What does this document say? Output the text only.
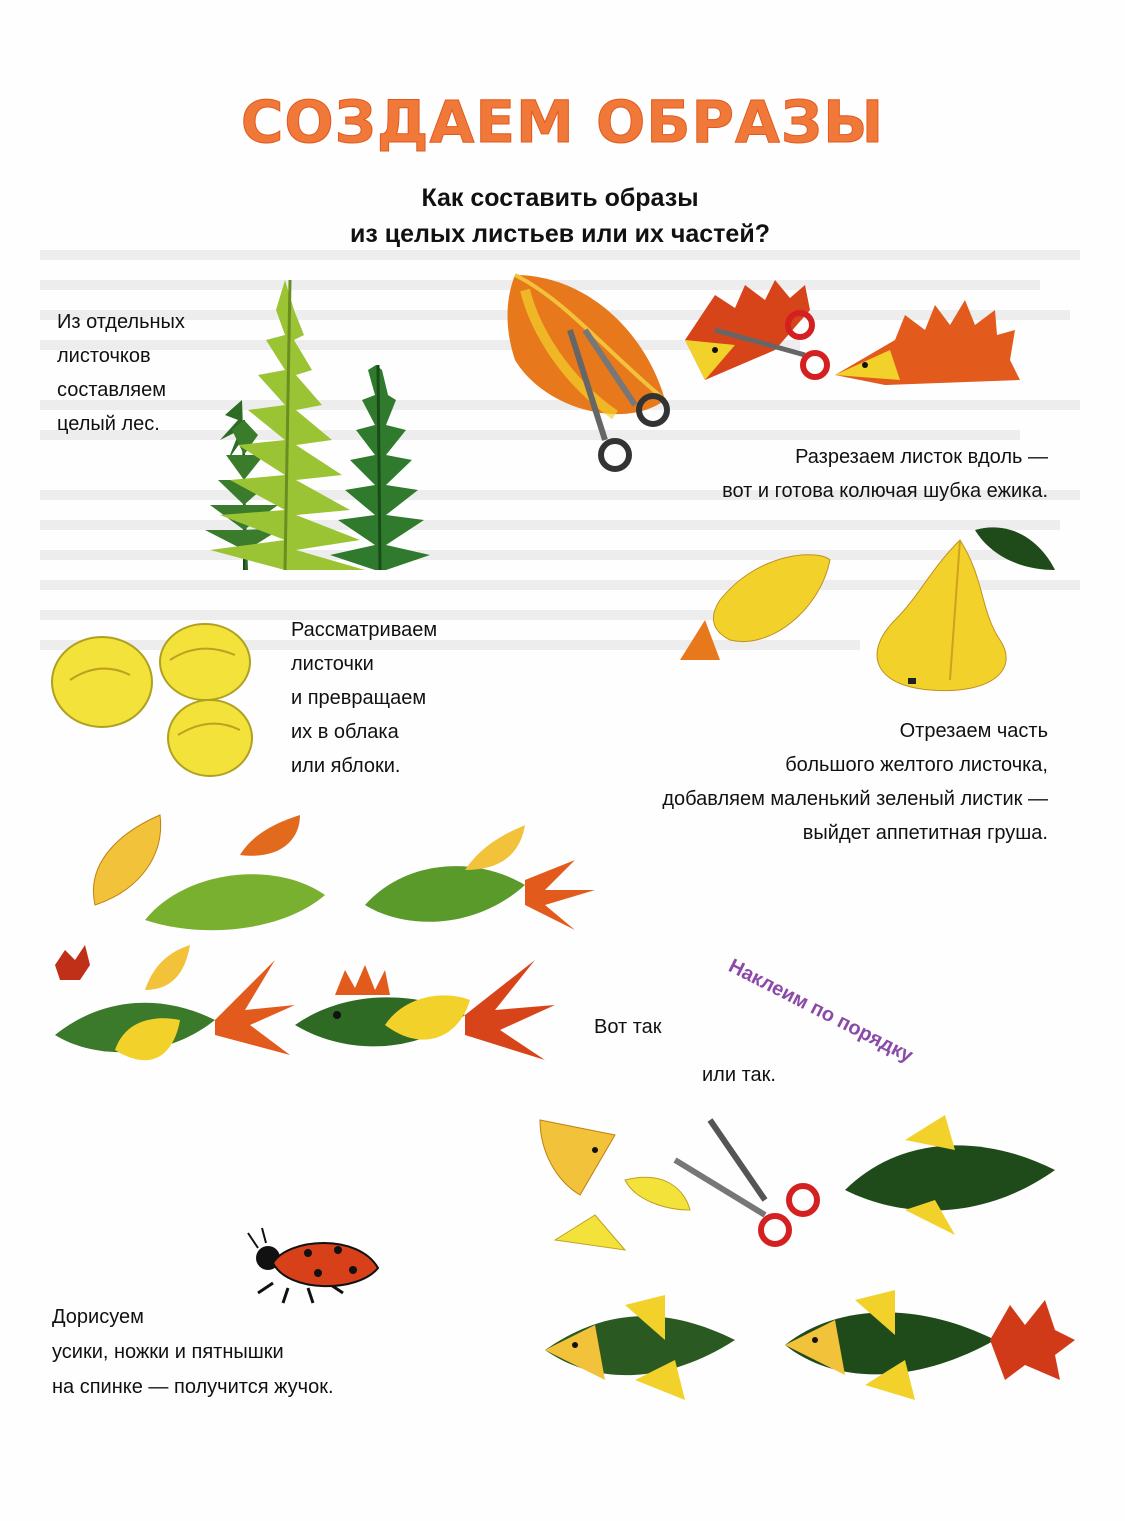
СОЗДАЕМ ОБРАЗЫ
Как составить образы
из целых листьев или их частей?
Из отдельных
листочков
составляем
целый лес.
Разрезаем листок вдоль —
вот и готова колючая шубка ежика.
Рассматриваем
листочки
и превращаем
их в облака
или яблоки.
Отрезаем часть
большого желтого листочка,
добавляем маленький зеленый листик —
выйдет аппетитная груша.
Вот так
или так.
Дорисуем
усики, ножки и пятнышки
на спинке — получится жучок.
Наклеим по порядку
